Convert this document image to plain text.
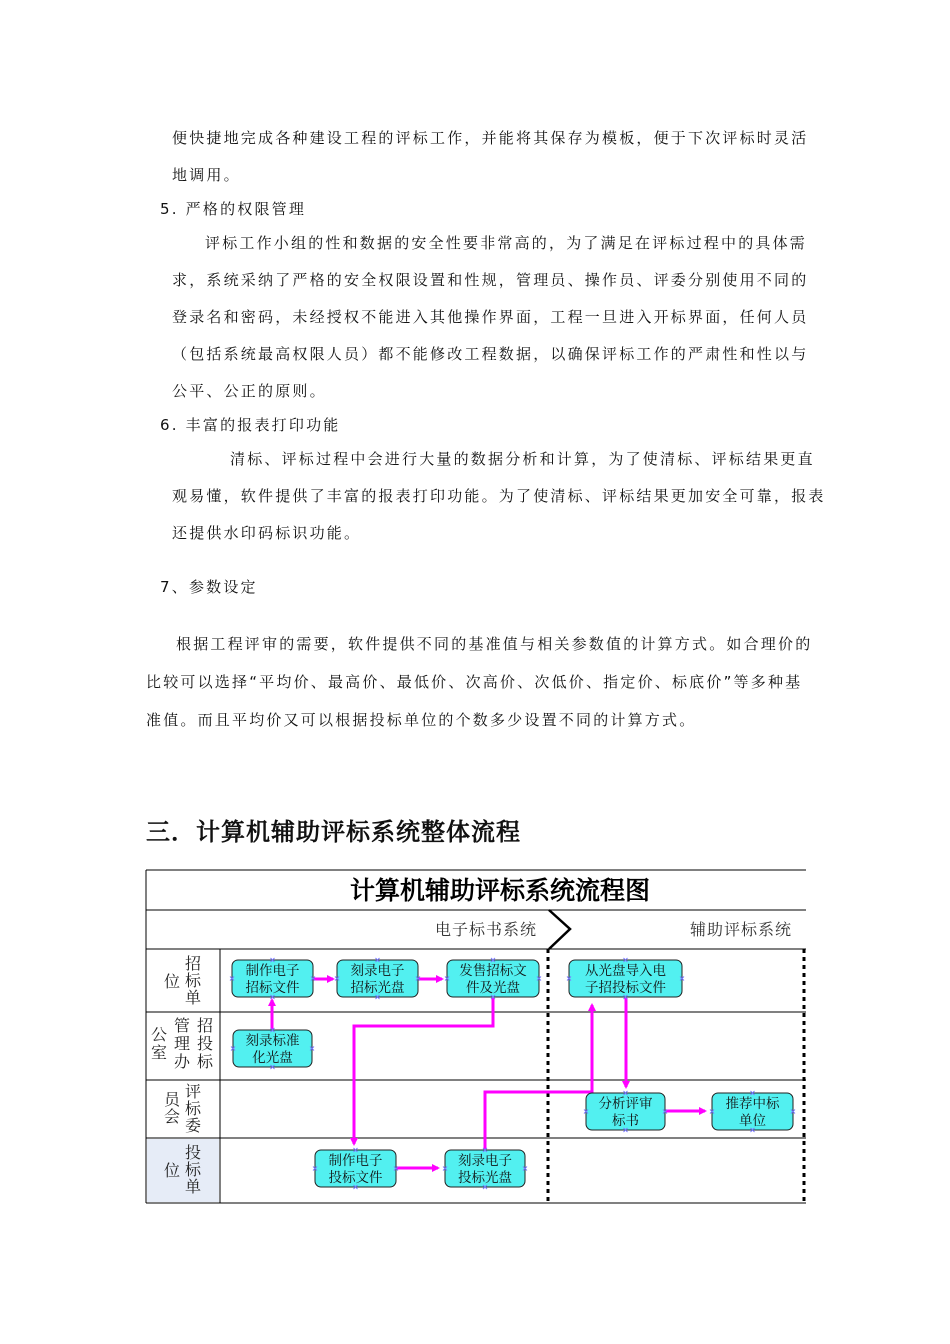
便快捷地完成各种建设工程的评标工作，并能将其保存为模板，便于下次评标时灵活
地调用。
5. 严格的权限管理
评标工作小组的性和数据的安全性要非常高的，为了满足在评标过程中的具体需
求，系统采纳了严格的安全权限设置和性规，管理员、操作员、评委分别使用不同的
登录名和密码，未经授权不能进入其他操作界面，工程一旦进入开标界面，任何人员
（包括系统最高权限人员）都不能修改工程数据，以确保评标工作的严肃性和性以与
公平、公正的原则。
6. 丰富的报表打印功能
清标、评标过程中会进行大量的数据分析和计算，为了使清标、评标结果更直
观易懂，软件提供了丰富的报表打印功能。为了使清标、评标结果更加安全可靠，报表
还提供水印码标识功能。
7、参数设定
根据工程评审的需要，软件提供不同的基准值与相关参数值的计算方式。如合理价的
比较可以选择“平均价、最高价、最低价、次高价、次低价、指定价、标底价”等多种基
准值。而且平均价又可以根据投标单位的个数多少设置不同的计算方式。
三．计算机辅助评标系统整体流程
计算机辅助评标系统流程图
电子标书系统	辅助评标系统
招
标
单
位
招
投
标
管
理
办
公
室
评
标
委
员
会
投
标
单
位
制作电子
招标文件
刻录电子
招标光盘
发售招标文
件及光盘
从光盘导入电
子招投标文件
刻录标准
化光盘
分析评审
标书
推荐中标
单位
制作电子
投标文件
刻录电子
投标光盘
